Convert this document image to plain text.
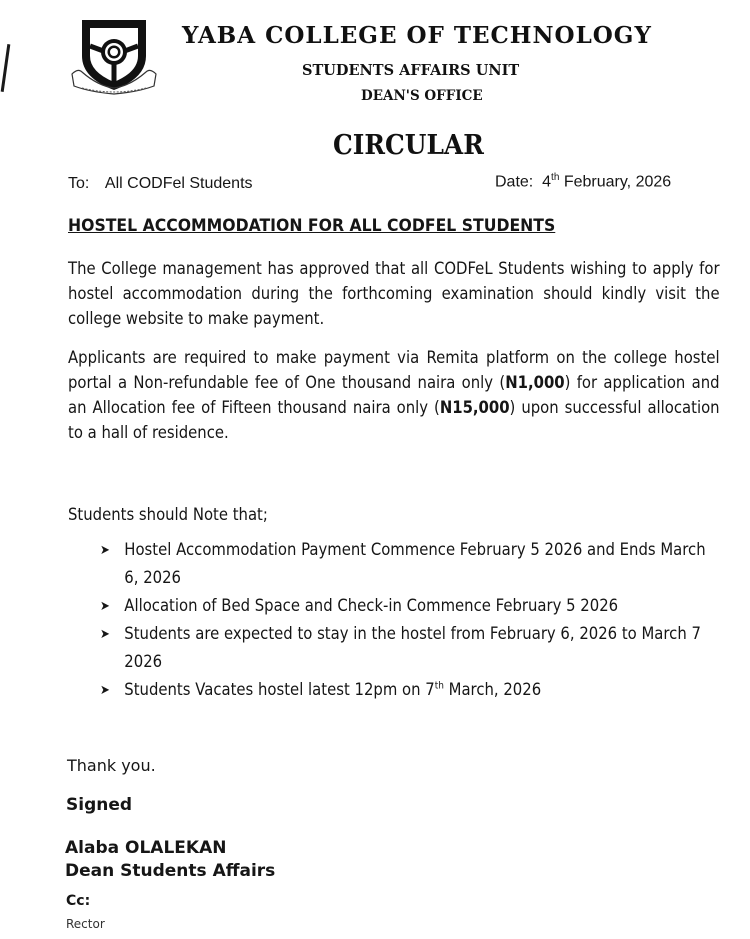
YABA COLLEGE OF TECHNOLOGY
STUDENTS AFFAIRS UNIT
DEAN'S OFFICE
CIRCULAR
To: All CODFel Students	Date: 4th February, 2026
HOSTEL ACCOMMODATION FOR ALL CODFEL STUDENTS
The College management has approved that all CODFeL Students wishing to apply for hostel accommodation during the forthcoming examination should kindly visit the college website to make payment.
Applicants are required to make payment via Remita platform on the college hostel portal a Non-refundable fee of One thousand naira only (N1,000) for application and an Allocation fee of Fifteen thousand naira only (N15,000) upon successful allocation to a hall of residence.
Students should Note that;
➤ Hostel Accommodation Payment Commence February 5 2026 and Ends March 6, 2026
➤ Allocation of Bed Space and Check-in Commence February 5 2026
➤ Students are expected to stay in the hostel from February 6, 2026 to March 7 2026
➤ Students Vacates hostel latest 12pm on 7th March, 2026
Thank you.
Signed
Alaba OLALEKAN
Dean Students Affairs
Cc:
Rector
